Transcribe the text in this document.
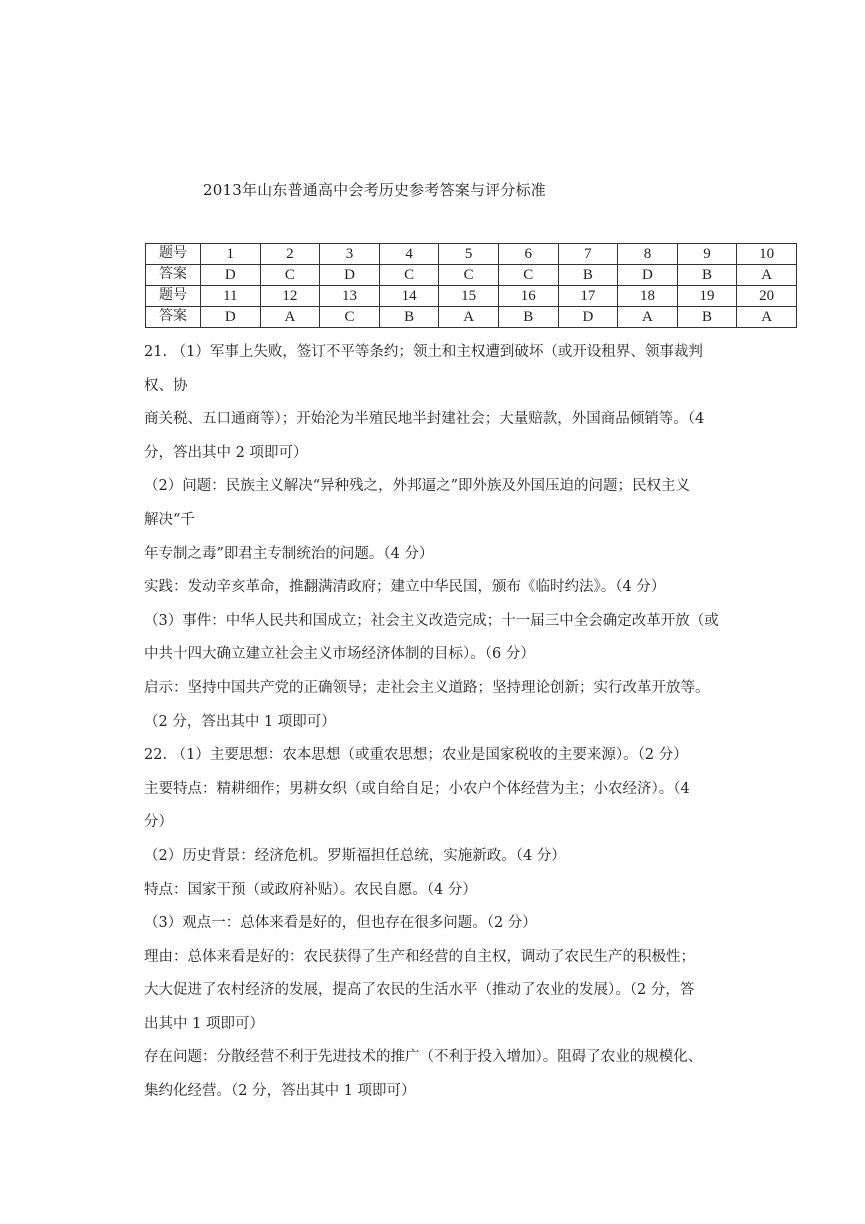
2013年山东普通高中会考历史参考答案与评分标准
题号	1	2	3	4	5	6	7	8	9	10
答案	D	C	D	C	C	C	B	D	B	A
题号	11	12	13	14	15	16	17	18	19	20
答案	D	A	C	B	A	B	D	A	B	A
21. （1）军事上失败，签订不平等条约；领土和主权遭到破坏（或开设租界、领事裁判
权、协
商关税、五口通商等）；开始沦为半殖民地半封建社会；大量赔款，外国商品倾销等。（4
分，答出其中 2 项即可）
（2）问题：民族主义解决“异种残之，外邦逼之”即外族及外国压迫的问题；民权主义
解决“千
年专制之毒”即君主专制统治的问题。（4 分）
实践：发动辛亥革命，推翻满清政府；建立中华民国，颁布《临时约法》。（4 分）
（3）事件：中华人民共和国成立；社会主义改造完成；十一届三中全会确定改革开放（或
中共十四大确立建立社会主义市场经济体制的目标）。（6 分）
启示：坚持中国共产党的正确领导；走社会主义道路；坚持理论创新；实行改革开放等。
（2 分，答出其中 1 项即可）
22. （1）主要思想：农本思想（或重农思想；农业是国家税收的主要来源）。（2 分）
主要特点：精耕细作；男耕女织（或自给自足；小农户个体经营为主；小农经济）。（4
分）
（2）历史背景：经济危机。罗斯福担任总统，实施新政。（4 分）
特点：国家干预（或政府补贴）。农民自愿。（4 分）
（3）观点一：总体来看是好的，但也存在很多问题。（2 分）
理由：总体来看是好的：农民获得了生产和经营的自主权，调动了农民生产的积极性；
大大促进了农村经济的发展，提高了农民的生活水平（推动了农业的发展）。（2 分，答
出其中 1 项即可）
存在问题：分散经营不利于先进技术的推广（不利于投入增加）。阻碍了农业的规模化、
集约化经营。（2 分，答出其中 1 项即可）
